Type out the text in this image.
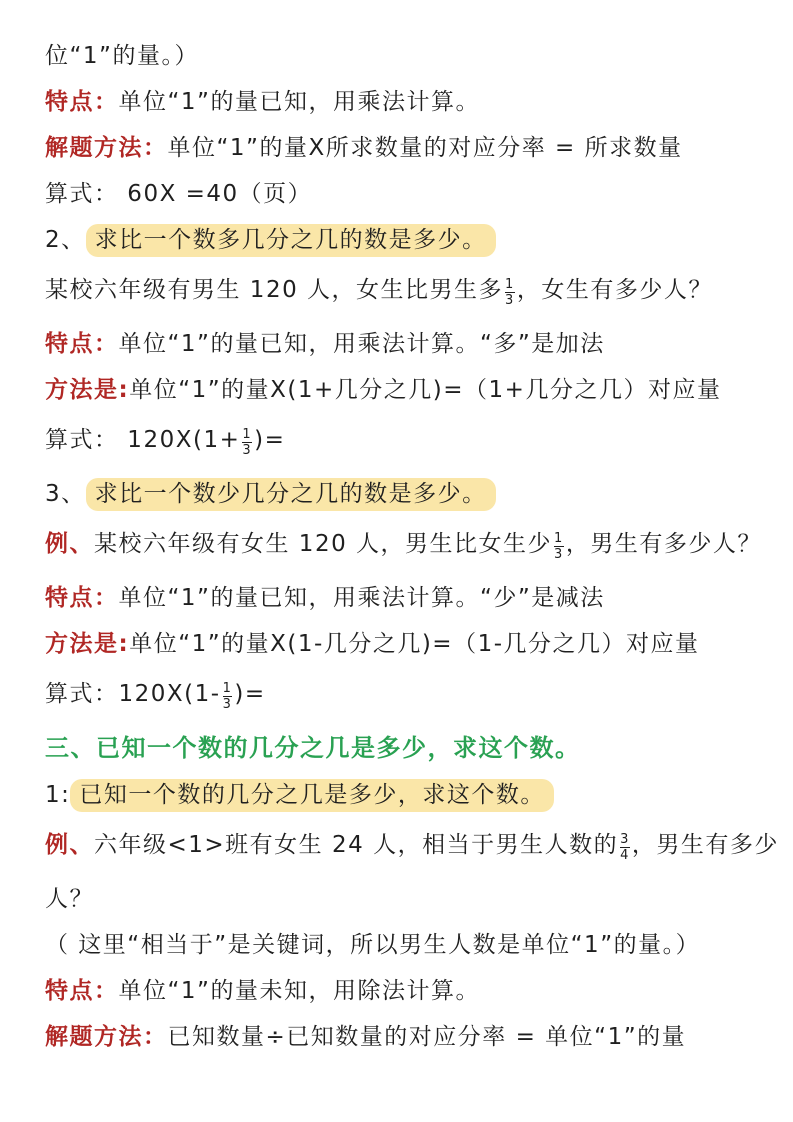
位“1”的量。）
特点：单位“1”的量已知，用乘法计算。
解题方法：单位“1”的量X所求数量的对应分率 = 所求数量
算式： 60X =40（页）
2、 求比一个数多几分之几的数是多少。
某校六年级有男生 120 人，女生比男生多 $\frac{1}{3}$ ，女生有多少人？
特点：单位“1”的量已知，用乘法计算。“多”是加法
方法是:单位“1”的量X(1+几分之几)=（1+几分之几）对应量
算式： $120X(1+ \frac{1}{3}$ )=
3、 求比一个数少几分之几的数是多少。
例、某校六年级有女生 120 人，男生比女生少 $\frac{1}{3}$ ，男生有多少人？
特点：单位“1”的量已知，用乘法计算。“少”是减法
方法是:单位“1”的量X(1-几分之几)=（1-几分之几）对应量
算式：$120X(1- \frac{1}{3}$ )=
三、已知一个数的几分之几是多少，求这个数。
1: 已知一个数的几分之几是多少，求这个数。
例、六年级<1>班有女生 24 人，相当于男生人数的 $\frac{3}{4}$ ，男生有多少
人？
（ 这里“相当于”是关键词，所以男生人数是单位“1”的量。）
特点：单位“1”的量未知，用除法计算。
解题方法：已知数量÷已知数量的对应分率 = 单位“1”的量
